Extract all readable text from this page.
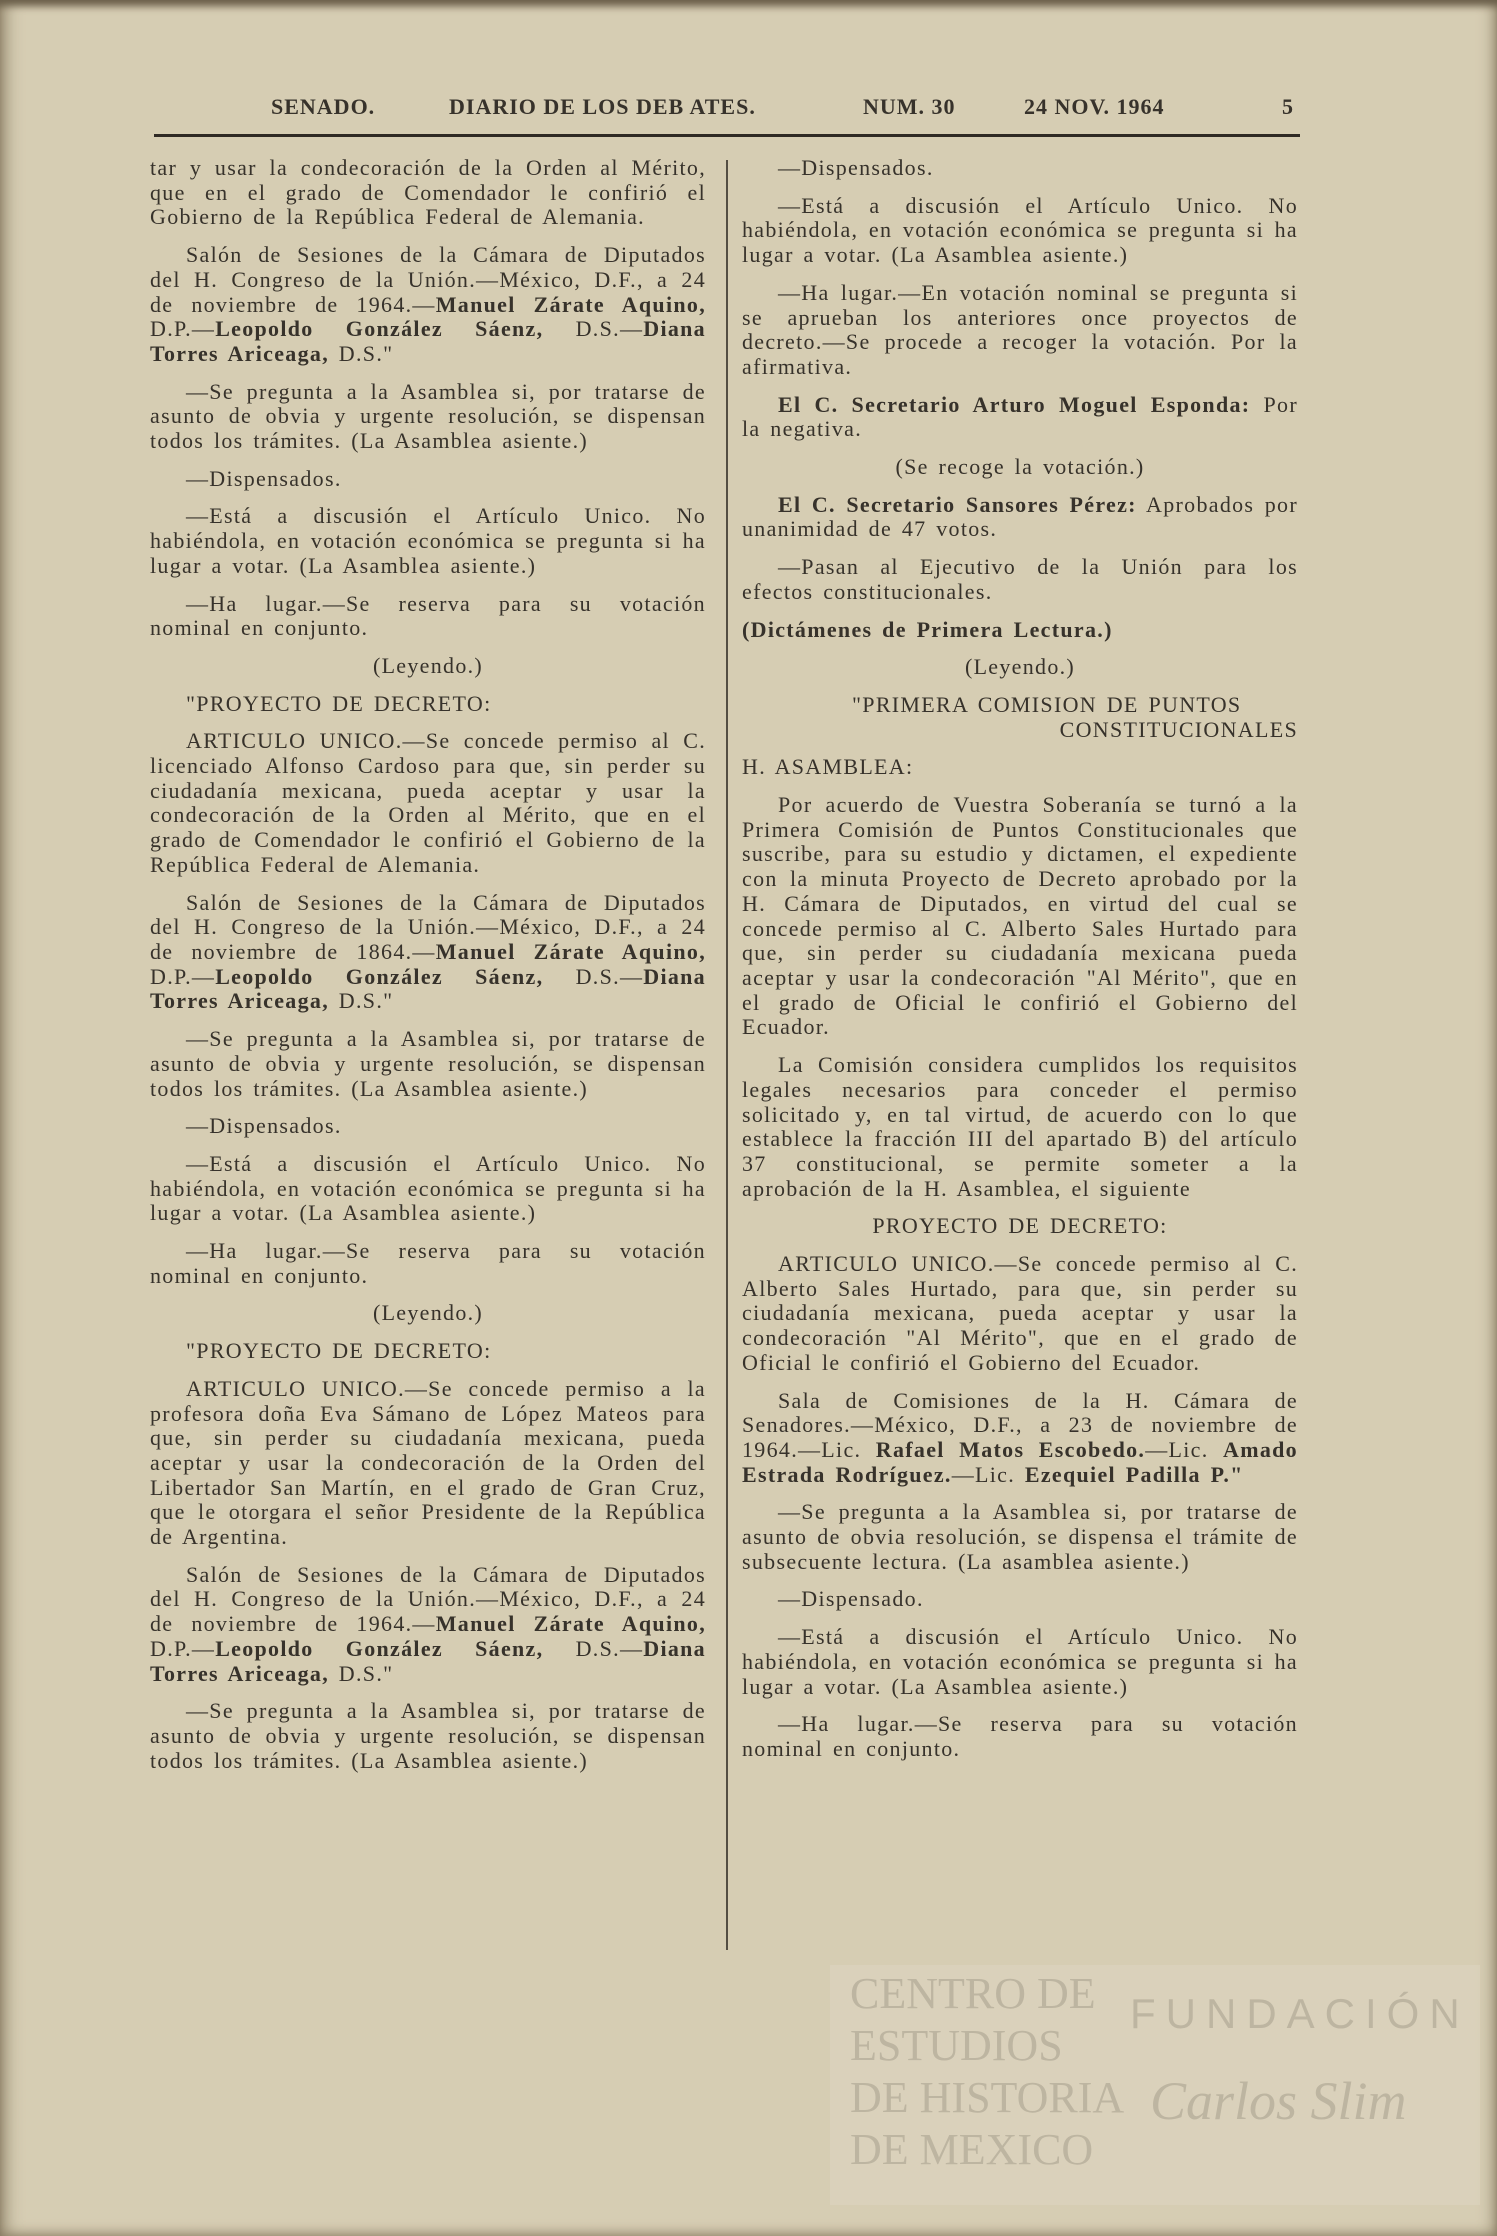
CENTRO DE
ESTUDIOS
DE HISTORIA
DE MEXICO
FUNDACIÓN
Carlos Slim
SENADO.	DIARIO DE LOS DEB ATES.	NUM. 30	24 NOV. 1964	5

tar y usar la condecoración de la Orden al Mérito, que en el grado de Comendador le confirió el Gobierno de la República Federal de Alemania.

Salón de Sesiones de la Cámara de Diputados del H. Congreso de la Unión.—México, D.F., a 24 de noviembre de 1964.—Manuel Zárate Aquino, D.P.—Leopoldo González Sáenz, D.S.—Diana Torres Ariceaga, D.S."

—Se pregunta a la Asamblea si, por tratarse de asunto de obvia y urgente resolución, se dispensan todos los trámites. (La Asamblea asiente.)

—Dispensados.

—Está a discusión el Artículo Unico. No habiéndola, en votación económica se pregunta si ha lugar a votar. (La Asamblea asiente.)

—Ha lugar.—Se reserva para su votación nominal en conjunto.

(Leyendo.)

"PROYECTO DE DECRETO:

ARTICULO UNICO.—Se concede permiso al C. licenciado Alfonso Cardoso para que, sin perder su ciudadanía mexicana, pueda aceptar y usar la condecoración de la Orden al Mérito, que en el grado de Comendador le confirió el Gobierno de la República Federal de Alemania.

Salón de Sesiones de la Cámara de Diputados del H. Congreso de la Unión.—México, D.F., a 24 de noviembre de 1864.—Manuel Zárate Aquino, D.P.—Leopoldo González Sáenz, D.S.—Diana Torres Ariceaga, D.S."

—Se pregunta a la Asamblea si, por tratarse de asunto de obvia y urgente resolución, se dispensan todos los trámites. (La Asamblea asiente.)

—Dispensados.

—Está a discusión el Artículo Unico. No habiéndola, en votación económica se pregunta si ha lugar a votar. (La Asamblea asiente.)

—Ha lugar.—Se reserva para su votación nominal en conjunto.

(Leyendo.)

"PROYECTO DE DECRETO:

ARTICULO UNICO.—Se concede permiso a la profesora doña Eva Sámano de López Mateos para que, sin perder su ciudadanía mexicana, pueda aceptar y usar la condecoración de la Orden del Libertador San Martín, en el grado de Gran Cruz, que le otorgara el señor Presidente de la República de Argentina.

Salón de Sesiones de la Cámara de Diputados del H. Congreso de la Unión.—México, D.F., a 24 de noviembre de 1964.—Manuel Zárate Aquino, D.P.—Leopoldo González Sáenz, D.S.—Diana Torres Ariceaga, D.S."

—Se pregunta a la Asamblea si, por tratarse de asunto de obvia y urgente resolución, se dispensan todos los trámites. (La Asamblea asiente.)

—Dispensados.

—Está a discusión el Artículo Unico. No habiéndola, en votación económica se pregunta si ha lugar a votar. (La Asamblea asiente.)

—Ha lugar.—En votación nominal se pregunta si se aprueban los anteriores once proyectos de decreto.—Se procede a recoger la votación. Por la afirmativa.

El C. Secretario Arturo Moguel Esponda: Por la negativa.

(Se recoge la votación.)

El C. Secretario Sansores Pérez: Aprobados por unanimidad de 47 votos.

—Pasan al Ejecutivo de la Unión para los efectos constitucionales.

(Dictámenes de Primera Lectura.)

(Leyendo.)

"PRIMERA COMISION DE PUNTOS
CONSTITUCIONALES

H. ASAMBLEA:

Por acuerdo de Vuestra Soberanía se turnó a la Primera Comisión de Puntos Constitucionales que suscribe, para su estudio y dictamen, el expediente con la minuta Proyecto de Decreto aprobado por la H. Cámara de Diputados, en virtud del cual se concede permiso al C. Alberto Sales Hurtado para que, sin perder su ciudadanía mexicana pueda aceptar y usar la condecoración "Al Mérito", que en el grado de Oficial le confirió el Gobierno del Ecuador.

La Comisión considera cumplidos los requisitos legales necesarios para conceder el permiso solicitado y, en tal virtud, de acuerdo con lo que establece la fracción III del apartado B) del artículo 37 constitucional, se permite someter a la aprobación de la H. Asamblea, el siguiente

PROYECTO DE DECRETO:

ARTICULO UNICO.—Se concede permiso al C. Alberto Sales Hurtado, para que, sin perder su ciudadanía mexicana, pueda aceptar y usar la condecoración "Al Mérito", que en el grado de Oficial le confirió el Gobierno del Ecuador.

Sala de Comisiones de la H. Cámara de Senadores.—México, D.F., a 23 de noviembre de 1964.—Lic. Rafael Matos Escobedo.—Lic. Amado Estrada Rodríguez.—Lic. Ezequiel Padilla P."

—Se pregunta a la Asamblea si, por tratarse de asunto de obvia resolución, se dispensa el trámite de subsecuente lectura. (La asamblea asiente.)

—Dispensado.

—Está a discusión el Artículo Unico. No habiéndola, en votación económica se pregunta si ha lugar a votar. (La Asamblea asiente.)

—Ha lugar.—Se reserva para su votación nominal en conjunto.
